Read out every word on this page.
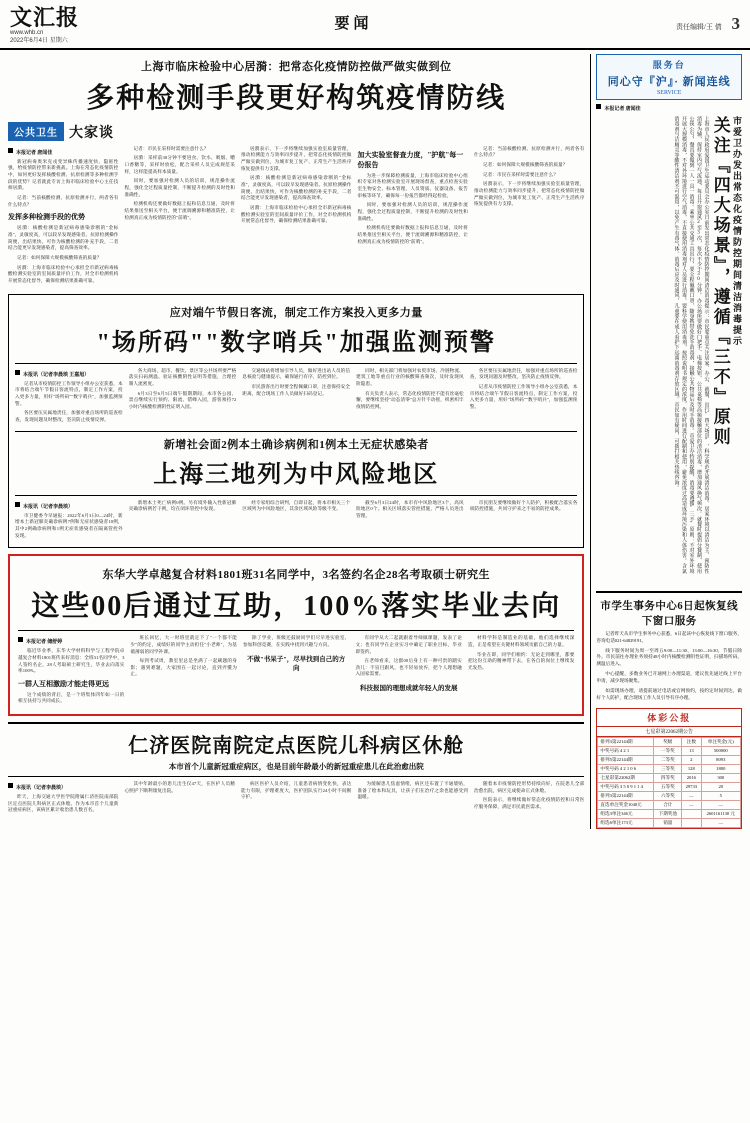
文汇报
www.whb.cn
2022年6月4日 星期六
要闻	责任编辑/王 倩 3
上海市临床检验中心居漪：把常态化疫情防控做严做实做到位
多种检测手段更好构筑疫情防线
公共卫生 大家谈
本报记者 唐闻佳

新冠病毒奥米克戎变异株传播速度快、隐匿性强，给疫情防控带来新挑战。上海在常态化疫情防控中，如何更好发挥核酸检测、抗原检测等多种检测手段的优势？记者就此专访上海市临床检验中心主任技师居漪。

记者：当前核酸检测、抗原检测并行，两者各有什么特点？

发挥多种检测手段的优势

居漪：核酸检测是新冠病毒感染诊断的"金标准"，灵敏度高，可以较早发现感染者。抗原检测操作简便、出结果快，可作为核酸检测的补充手段，二者结合能更早发现感染者，提高筛查效率。

记者：如何保障大规模核酸筛查的质量？

居漪：上海市临床检验中心承担全市新冠病毒核酸检测实验室的室间质量评价工作，对全市检测机构开展常态化督导，确保检测结果准确可靠。

记者：市民在采样时需要注意什么？

居漪：采样前30分钟不要进食、饮水、吸烟、嚼口香糖等，采样时放松，配合采样人员完成规范采样，这样能提高样本质量。

同时，要加强对检测人员的培训，规范操作流程，强化全过程质量控制，不断提升检测的及时性和准确性。

检测机构还要做好数据上报和信息互通，及时将结果推送至相关平台，便于流调溯源和精准防控，让检测真正成为疫情防控的"前哨"。

居漪表示，下一步将继续加强实验室质量管理，推动检测能力与效率同步提升，把常态化疫情防控做严做实做到位，为城市复工复产、正常生产生活秩序恢复提供有力支撑。

居漪：核酸检测是新冠病毒感染诊断的"金标准"，灵敏度高，可以较早发现感染者。抗原检测操作简便、出结果快，可作为核酸检测的补充手段，二者结合能更早发现感染者，提高筛查效率。

居漪：上海市临床检验中心承担全市新冠病毒核酸检测实验室的室间质量评价工作，对全市检测机构开展常态化督导，确保检测结果准确可靠。

加大实验室督查力度，"护航"每一份报告

为进一步保障检测质量，上海市临床检验中心组织专家对各检测实验室开展现场督查，重点检查实验室生物安全、标本管理、人员资质、仪器设备、报告审核等环节，确保每一份报告都经得起检验。

同时，要加强对检测人员的培训，规范操作流程，强化全过程质量控制，不断提升检测的及时性和准确性。

检测机构还要做好数据上报和信息互通，及时将结果推送至相关平台，便于流调溯源和精准防控，让检测真正成为疫情防控的"前哨"。

记者：当前核酸检测、抗原检测并行，两者各有什么特点？

记者：如何保障大规模核酸筛查的质量？

记者：市民在采样时需要注意什么？

居漪表示，下一步将继续加强实验室质量管理，推动检测能力与效率同步提升，把常态化疫情防控做严做实做到位，为城市复工复产、正常生产生活秩序恢复提供有力支撑。

应对端午节假日客流，制定工作方案投入更多力量
"场所码""数字哨兵"加强监测预警
本报讯（记者李晨琰 王嘉旭）

记者从市疫情防控工作领导小组办公室获悉，本市将结合端午节假日客流特点，制定工作方案，投入更多力量，用好"场所码""数字哨兵"，加强监测预警。

各区要压实属地责任，加强对重点场所的巡查检查，发现问题及时整改，坚决防止疫情反弹。

各大商场、超市、餐饮、景区等公共场所要严格落实扫码测温、验证核酸阴性证明等措施，合理控制人流密度。

6月3日至6月5日端午假期期间，本市各公园、景点继续实行预约、限流、错峰入园，游客须持72小时内核酸检测阴性证明入园。

交通场站将增加引导人员，做好进出站人员的信息核验与健康提示，确保通行有序、防控到位。

市民游客出行时要全程佩戴口罩，注意保持安全距离，配合现场工作人员做好扫码登记。

同时，相关部门将加强对农贸市场、冷链物流、建筑工地等重点行业的核酸筛查频次，及时发现风险隐患。

有关负责人表示，常态化疫情防控不能有丝毫松懈，要继续坚持"动态清零"总方针不动摇，织密织牢疫情防控网。

各区要压实属地责任，加强对重点场所的巡查检查，发现问题及时整改，坚决防止疫情反弹。

记者从市疫情防控工作领导小组办公室获悉，本市将结合端午节假日客流特点，制定工作方案，投入更多力量，用好"场所码""数字哨兵"，加强监测预警。

新增社会面2例本土确诊病例和1例本土无症状感染者
上海三地列为中风险地区
本报讯（记者李晨琰）

市卫健委今早通报：2022年6月3日0—24时，新增本土新冠肺炎确诊病例7例和无症状感染者10例，其中2例确诊病例和1例无症状感染者在隔离管控外发现。

新增本土死亡病例0例。另有境外输入性新冠肺炎确诊病例若干例，均在闭环管控中发现。

经专家组综合研判，自即日起，将本市相关三个区域列为中风险地区，其余区域风险等级不变。

截至6月3日24时，本市有中风险地区3个，高风险地区0个。相关区域落实管控措施，严格人员进出管理。

市民朋友要继续做好个人防护，积极配合落实各项防控措施，共同守护来之不易的防控成果。

东华大学卓越复合材料1801班31名同学中，3名签约名企28名考取硕士研究生
这些00后通过互助，100%落实毕业去向
本报记者 储舒婷

临近毕业季，东华大学材料科学与工程学院卓越复合材料1801班传来好消息：全班31名同学中，3人签约名企，28人考取硕士研究生，毕业去向落实率100%。

一群人互相激励才能走得更远

这个成绩的背后，是一个班集体四年如一日的相互扶持与共同成长。

班长回忆，大一时班里就定下了"一个都不能少"的约定，成绩好的同学主动担任"小老师"，为基础薄弱的同学补课。

每到考试周，教室里总是坐满了一起刷题的身影；遇到难题，大家围在一起讨论，直到弄懂为止。

除了学业，班级还鼓励同学们尽早进实验室、参加科创竞赛，在实践中找到兴趣与方向。

不做"书呆子"，尽早找到自己的方向

有同学从大二起就跟着导师做课题，发表了论文；也有同学在企业实习中确定了职业目标，毕业即签约。

在老师看来，这群00后身上有一种可贵的踏实劲儿：不盲目跟风，也不轻易放弃，把个人理想融入国家需要。

科技报国的理想成就年轻人的发展

材料学科是制造业的基础，他们选择继续深造，正是希望在关键材料领域贡献自己的力量。

毕业在即，同学们相约：无论走到哪里，都要把这份互助的精神带下去，在各自的岗位上继续发光发热。

仁济医院南院定点医院儿科病区休舱
本市首个儿童新冠重症病区，也是目前年龄最小的新冠重症患儿在此治愈出院
本报讯（记者李晨琰）

昨天，上海交通大学医学院附属仁济医院南部院区定点医院儿科病区正式休舱。作为本市首个儿童新冠重症病区，该病区累计收治患儿数百名。

其中年龄最小的患儿出生仅47天，在医护人员精心照护下顺利康复出院。

病区医护人员介绍，儿童患者病情变化快，表达能力有限，护理难度大，医护团队实行24小时不间断守护。

为缓解患儿焦虑情绪，病区还布置了卡通墙贴，准备了绘本和玩具，让孩子们在治疗之余也能感受到温暖。

随着本市疫情防控形势持续向好，在院患儿全部治愈出院，病区完成使命正式休舱。

医院表示，将继续做好常态化疫情防控和日常医疗服务保障，满足市民就医需求。

服务台
同心守『沪』· 新闻连线
SERVICE
本报记者 唐闻佳
上海市人民政府爱国卫生运动委员会办公室日前发出常态化疫情防控期间清洁消毒提示：市民要重点关注居家、办公、就餐、出行"四大场景"，科学规范开展清洁消毒。居家环境以清洁为主、预防性消毒为辅，保持室内空气流通，每日开窗通风2至3次，每次不少于30分钟。办公场所要做好门把手、电梯按钮、公共桌椅等高频接触部位的清洁消毒，增加通风换气频次。就餐时提倡分餐制、使用公筷公勺，餐具要做到一人一具一消毒。乘坐公共交通工具出行，要全程佩戴口罩，随身携带免洗手消毒剂，接触公共物品后及时手消毒。市爱卫办特别提醒，消毒要遵循"三不"原则：不对室外环境开展大规模消毒，不对外环境进行空气消毒，不直接使用消毒剂对人员进行消毒。要科学使用消毒剂，按照说明书规定的浓度、作用时间进行配制和使用，避免浓度过高造成环境污染和人体伤害。含氯消毒剂与洁厕灵等酸性清洁剂不可混用，以免产生有毒气体。消毒后应及时通风，儿童要在成人看护下远离消毒剂存放区域。市民如有疑问，可拨打相关热线咨询。	关注『四大场景』，遵循『三不』原则 市爱卫办发出常态化疫情防控期间清洁消毒提示
市学生事务中心6日起恢复线下窗口服务

记者昨天从市学生事务中心获悉，6日起该中心恢复线下窗口服务，咨询电话021-64829191。

线下服务时间为周一至周五9:00—11:30、13:00—16:30，节假日除外。市民前往办理业务须持48小时内核酸检测阴性证明，扫描场所码、测温后进入。

中心提醒，多数业务已开通网上办理渠道，建议优先通过线上平台申请，减少现场聚集。

如需现场办理，请提前通过电话或官网预约，按约定时间到达，做好个人防护，配合现场工作人员引导有序办理。

体彩公报
七星彩第22062期公告
排列3第22144期	奖级	注数	单注奖金(元)
中奖号码 4 2 1	一等奖	13	500000
排列5第22144期	二等奖	2	8093
中奖号码 4 2 1 0 6	三等奖	128	1800
七星彩第22062期	四等奖	2016	300
中奖号码 3 5 0 9 1 1 4	五等奖	29733	20
排列3第22144期	六等奖	—	5
直选单注奖金1040元	合计	—	—
组选3单注346元	下期奖池		2601161130 元
组选6单注173元	销量		—
